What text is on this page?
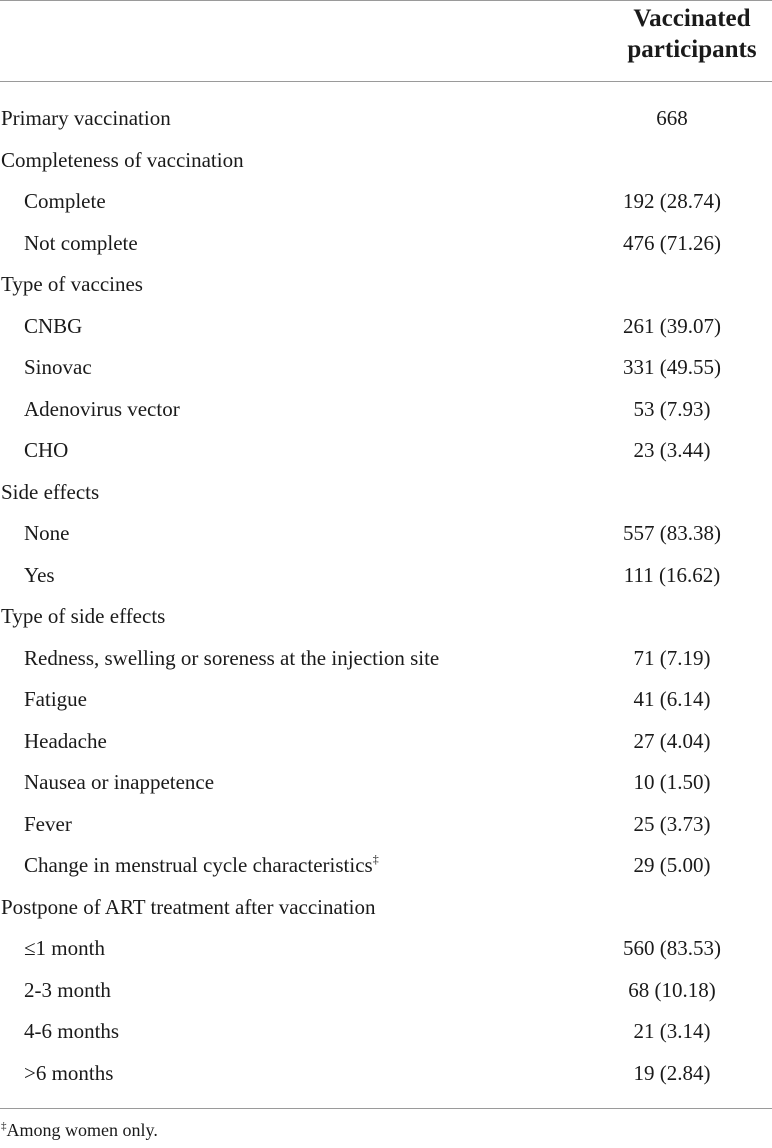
Vaccinated
participants
Primary vaccination	668
Completeness of vaccination
Complete	192 (28.74)
Not complete	476 (71.26)
Type of vaccines
CNBG	261 (39.07)
Sinovac	331 (49.55)
Adenovirus vector	53 (7.93)
CHO	23 (3.44)
Side effects
None	557 (83.38)
Yes	111 (16.62)
Type of side effects
Redness, swelling or soreness at the injection site	71 (7.19)
Fatigue	41 (6.14)
Headache	27 (4.04)
Nausea or inappetence	10 (1.50)
Fever	25 (3.73)
Change in menstrual cycle characteristics‡	29 (5.00)
Postpone of ART treatment after vaccination
≤1 month	560 (83.53)
2-3 month	68 (10.18)
4-6 months	21 (3.14)
>6 months	19 (2.84)
‡Among women only.
